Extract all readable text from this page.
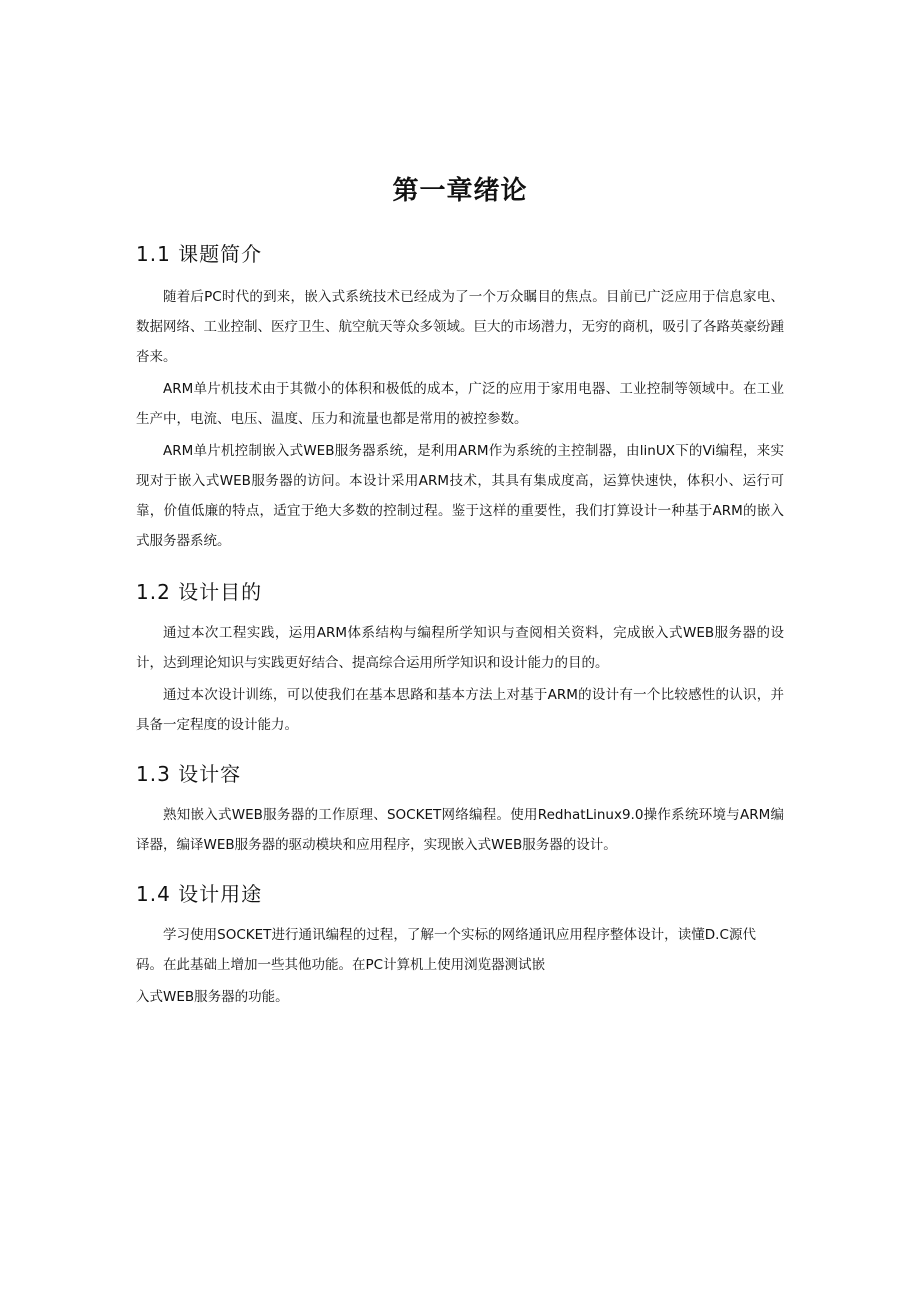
第一章绪论
1.1 课题简介

随着后PC时代的到来，嵌入式系统技术已经成为了一个万众瞩目的焦点。目前已广泛应用于信息家电、数据网络、工业控制、医疗卫生、航空航天等众多领域。巨大的市场潜力，无穷的商机，吸引了各路英豪纷踵沓来。

ARM单片机技术由于其微小的体积和极低的成本，广泛的应用于家用电器、工业控制等领域中。在工业生产中，电流、电压、温度、压力和流量也都是常用的被控参数。

ARM单片机控制嵌入式WEB服务器系统，是利用ARM作为系统的主控制器，由linUX下的Vi编程，来实现对于嵌入式WEB服务器的访问。本设计采用ARM技术，其具有集成度高，运算快速快，体积小、运行可靠，价值低廉的特点，适宜于绝大多数的控制过程。鉴于这样的重要性，我们打算设计一种基于ARM的嵌入式服务器系统。

1.2 设计目的

通过本次工程实践，运用ARM体系结构与编程所学知识与查阅相关资料，完成嵌入式WEB服务器的设计，达到理论知识与实践更好结合、提高综合运用所学知识和设计能力的目的。

通过本次设计训练，可以使我们在基本思路和基本方法上对基于ARM的设计有一个比较感性的认识，并具备一定程度的设计能力。

1.3 设计容

熟知嵌入式WEB服务器的工作原理、SOCKET网络编程。使用RedhatLinux9.0操作系统环境与ARM编译器，编译WEB服务器的驱动模块和应用程序，实现嵌入式WEB服务器的设计。

1.4 设计用途

学习使用SOCKET进行通讯编程的过程，了解一个实标的网络通讯应用程序整体设计，读懂D.C源代码。在此基础上增加一些其他功能。在PC计算机上使用浏览器测试嵌

入式WEB服务器的功能。
